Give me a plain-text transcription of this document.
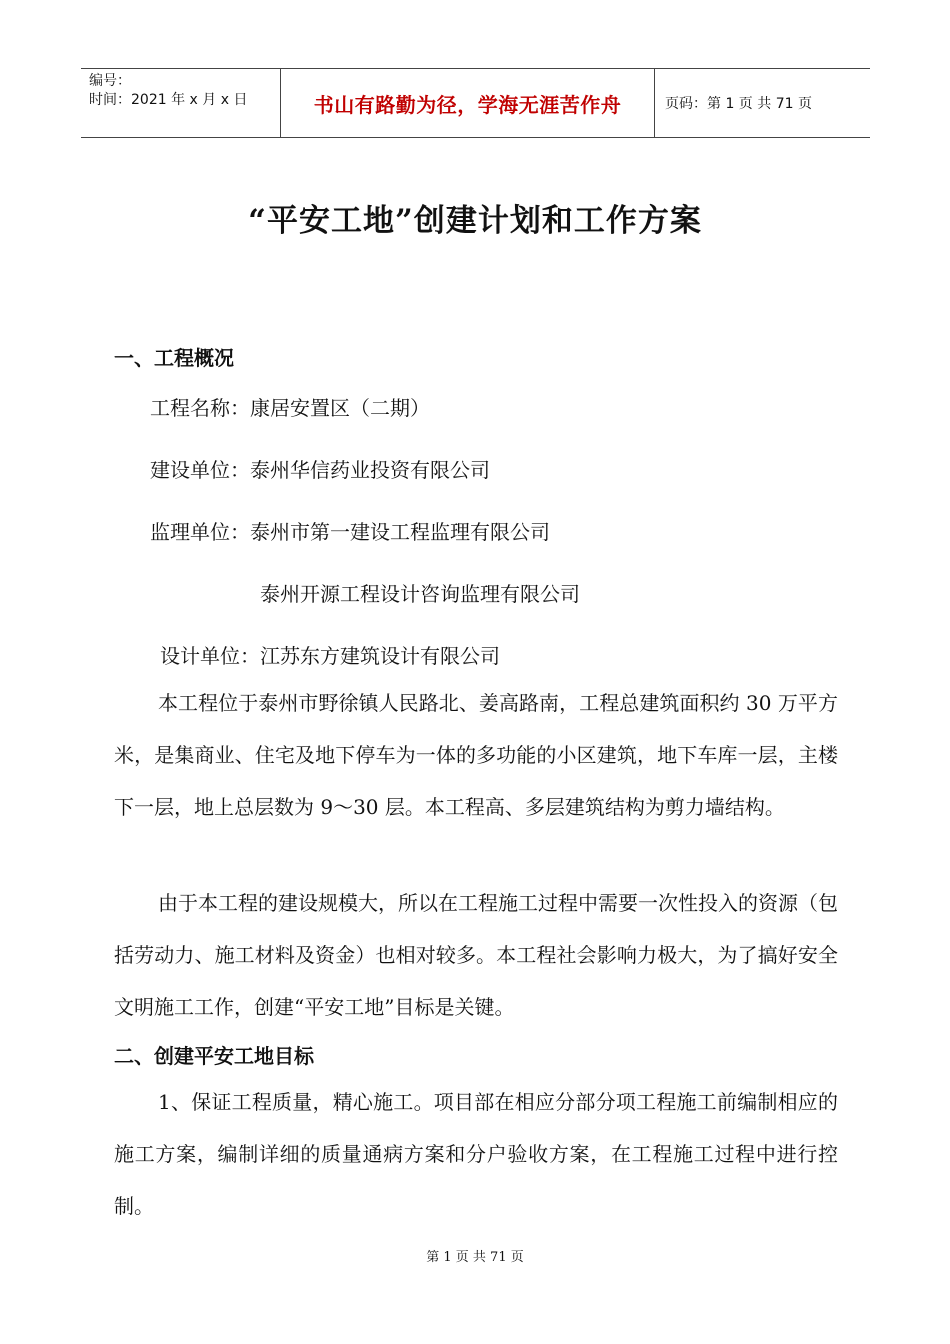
编号：
时间：2021 年 x 月 x 日	书山有路勤为径，学海无涯苦作舟	页码：第 1 页 共 71 页
“平安工地”创建计划和工作方案
一、工程概况
工程名称：康居安置区（二期）
建设单位：泰州华信药业投资有限公司
监理单位：泰州市第一建设工程监理有限公司
泰州开源工程设计咨询监理有限公司
设计单位：江苏东方建筑设计有限公司

本工程位于泰州市野徐镇人民路北、姜高路南，工程总建筑面积约 30 万平方米，是集商业、住宅及地下停车为一体的多功能的小区建筑，地下车库一层，主楼下一层，地上总层数为 9～30 层。本工程高、多层建筑结构为剪力墙结构。

由于本工程的建设规模大，所以在工程施工过程中需要一次性投入的资源（包括劳动力、施工材料及资金）也相对较多。本工程社会影响力极大，为了搞好安全文明施工工作，创建“平安工地”目标是关键。

二、创建平安工地目标

1、保证工程质量，精心施工。项目部在相应分部分项工程施工前编制相应的施工方案，编制详细的质量通病方案和分户验收方案，在工程施工过程中进行控制。

第 1 页 共 71 页
